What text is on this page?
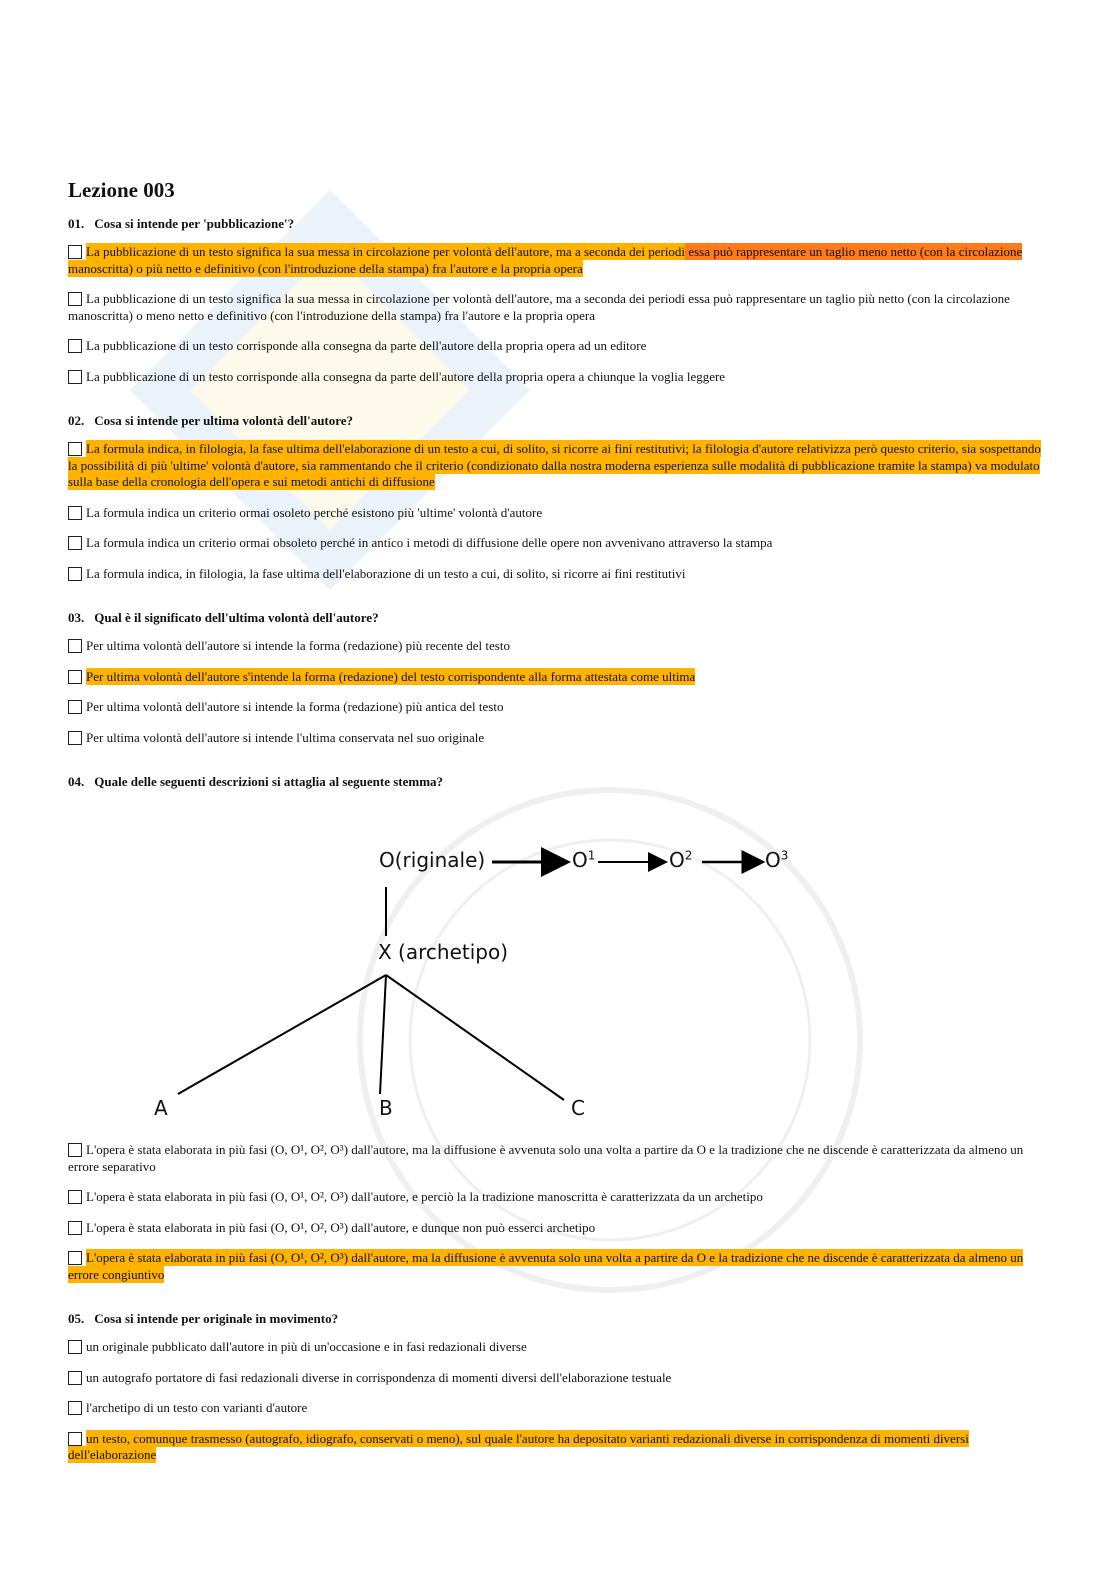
Lezione 003
01. Cosa si intende per 'pubblicazione'?
La pubblicazione di un testo significa la sua messa in circolazione per volontà dell'autore, ma a seconda dei periodi essa può rappresentare un taglio meno netto (con la circolazione manoscritta) o più netto e definitivo (con l'introduzione della stampa) fra l'autore e la propria opera
La pubblicazione di un testo significa la sua messa in circolazione per volontà dell'autore, ma a seconda dei periodi essa può rappresentare un taglio più netto (con la circolazione manoscritta) o meno netto e definitivo (con l'introduzione della stampa) fra l'autore e la propria opera
La pubblicazione di un testo corrisponde alla consegna da parte dell'autore della propria opera ad un editore
La pubblicazione di un testo corrisponde alla consegna da parte dell'autore della propria opera a chiunque la voglia leggere
02. Cosa si intende per ultima volontà dell'autore?
La formula indica, in filologia, la fase ultima dell'elaborazione di un testo a cui, di solito, si ricorre ai fini restitutivi; la filologia d'autore relativizza però questo criterio, sia sospettando la possibilità di più 'ultime' volontà d'autore, sia rammentando che il criterio (condizionato dalla nostra moderna esperienza sulle modalità di pubblicazione tramite la stampa) va modulato sulla base della cronologia dell'opera e sui metodi antichi di diffusione
La formula indica un criterio ormai osoleto perché esistono più 'ultime' volontà d'autore
La formula indica un criterio ormai obsoleto perché in antico i metodi di diffusione delle opere non avvenivano attraverso la stampa
La formula indica, in filologia, la fase ultima dell'elaborazione di un testo a cui, di solito, si ricorre ai fini restitutivi
03. Qual è il significato dell'ultima volontà dell'autore?
Per ultima volontà dell'autore si intende la forma (redazione) più recente del testo
Per ultima volontà dell'autore s'intende la forma (redazione) del testo corrispondente alla forma attestata come ultima
Per ultima volontà dell'autore si intende la forma (redazione) più antica del testo
Per ultima volontà dell'autore si intende l'ultima conservata nel suo originale
04. Quale delle seguenti descrizioni si attaglia al seguente stemma?
O(riginale)	$O^1$	$O^2$	$O^3$
X (archetipo)
A	B	C
L'opera è stata elaborata in più fasi (O, O¹, O², O³) dall'autore, ma la diffusione è avvenuta solo una volta a partire da O e la tradizione che ne discende è caratterizzata da almeno un errore separativo
L'opera è stata elaborata in più fasi (O, O¹, O², O³) dall'autore, e perciò la la tradizione manoscritta è caratterizzata da un archetipo
L'opera è stata elaborata in più fasi (O, O¹, O², O³) dall'autore, e dunque non può esserci archetipo
L'opera è stata elaborata in più fasi (O, O¹, O², O³) dall'autore, ma la diffusione è avvenuta solo una volta a partire da O e la tradizione che ne discende è caratterizzata da almeno un errore congiuntivo
05. Cosa si intende per originale in movimento?
un originale pubblicato dall'autore in più di un'occasione e in fasi redazionali diverse
un autografo portatore di fasi redazionali diverse in corrispondenza di momenti diversi dell'elaborazione testuale
l'archetipo di un testo con varianti d'autore
un testo, comunque trasmesso (autografo, idiografo, conservati o meno), sul quale l'autore ha depositato varianti redazionali diverse in corrispondenza di momenti diversi dell'elaborazione
